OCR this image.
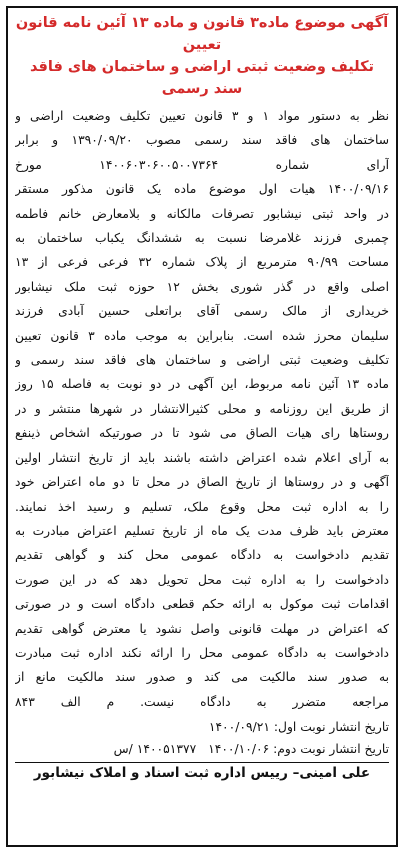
آگهی موضوع ماده۳ قانون و ماده ۱۳ آئین نامه قانون تعیین
تکلیف وضعیت ثبتی اراضی و ساختمان های فاقد سند رسمی
نظر به دستور مواد ۱ و ۳ قانون تعیین تکلیف وضعیت اراضی و
ساختمان های فاقد سند رسمی مصوب ۱۳۹۰/۰۹/۲۰ و برابر
آرای شماره ۱۴۰۰۶۰۳۰۶۰۰۵۰۰۷۳۶۴ مورخ
۱۴۰۰/۰۹/۱۶ هیات اول موضوع ماده یک قانون مذکور مستقر
در واحد ثبتی نیشابور تصرفات مالکانه و بلامعارض خانم فاطمه
چمبری فرزند غلامرضا نسبت به ششدانگ یکباب ساختمان به
مساحت ۹۰/۹۹ مترمربع از پلاک شماره ۳۲ فرعی فرعی از ۱۳
اصلی واقع در گذر شوری بخش ۱۲ حوزه ثبت ملک نیشابور
خریداری از مالک رسمی آقای براتعلی حسین آبادی فرزند
سلیمان محرز شده است. بنابراین به موجب ماده ۳ قانون تعیین
تکلیف وضعیت ثبتی اراضی و ساختمان های فاقد سند رسمی و
ماده ۱۳ آئین نامه مربوط، این آگهی در دو نوبت به فاصله ۱۵ روز
از طریق این روزنامه و محلی کثیرالانتشار در شهرها منتشر و در
روستاها رای هیات الصاق می شود تا در صورتیکه اشخاص ذینفع
به آرای اعلام شده اعتراض داشته باشند باید از تاریخ انتشار اولین
آگهی و در روستاها از تاریخ الصاق در محل تا دو ماه اعتراض خود
را به اداره ثبت محل وقوع ملک، تسلیم و رسید اخذ نمایند.
معترض باید ظرف مدت یک ماه از تاریخ تسلیم اعتراض مبادرت به
تقدیم دادخواست به دادگاه عمومی محل کند و گواهی تقدیم
دادخواست را به اداره ثبت محل تحویل دهد که در این صورت
اقدامات ثبت موکول به ارائه حکم قطعی دادگاه است و در صورتی
که اعتراض در مهلت قانونی واصل نشود یا معترض گواهی تقدیم
دادخواست به دادگاه عمومی محل را ارائه نکند اداره ثبت مبادرت
به صدور سند مالکیت می کند و صدور سند مالکیت مانع از
مراجعه متضرر به دادگاه نیست. م الف ۸۴۳
تاریخ انتشار نوبت اول: ۱۴۰۰/۰۹/۲۱
تاریخ انتشار نوبت دوم: ۱۴۰۰/۱۰/۰۶ ۱۴۰۰۵۱۳۷۷ /س
علی امینی– رییس اداره ثبت اسناد و املاک نیشابور
